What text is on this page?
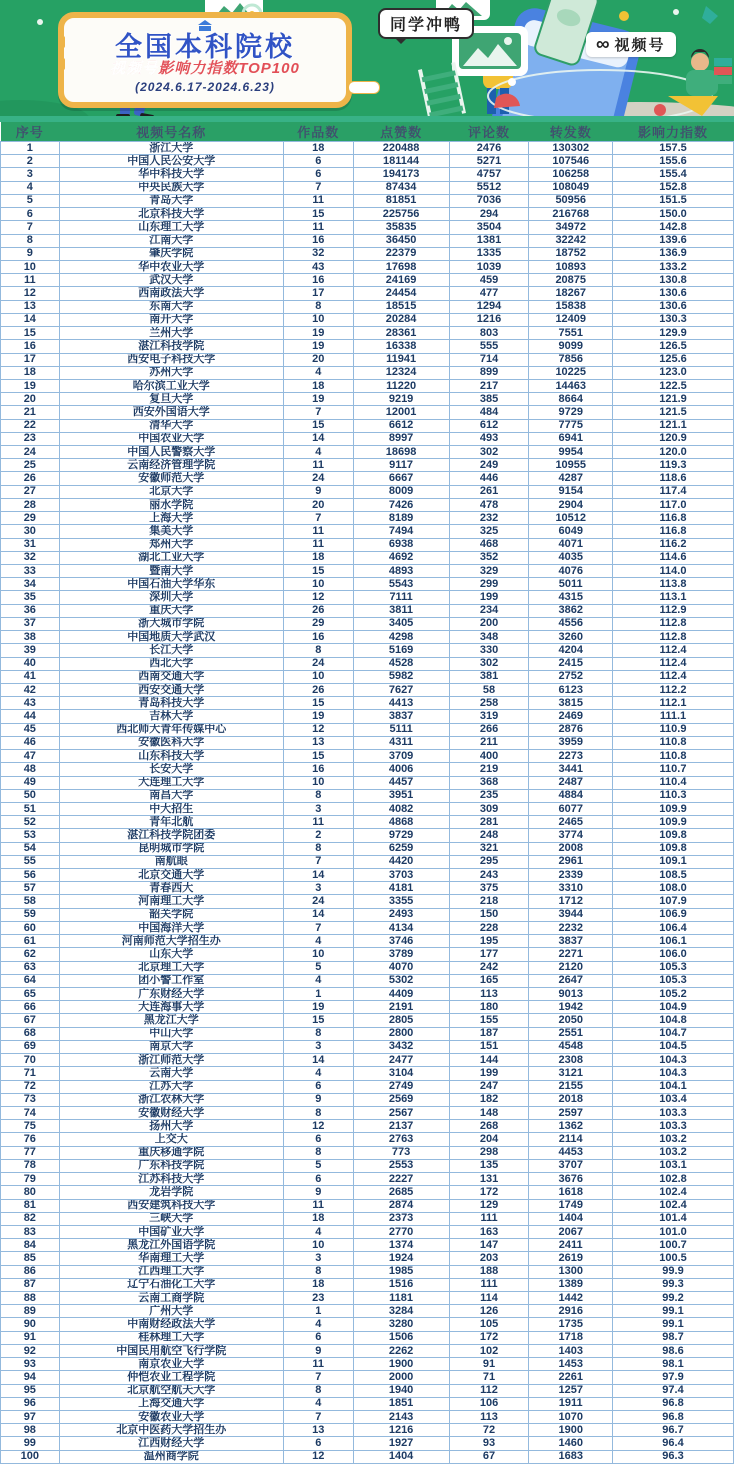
全国本科院校
视频号影响力指数TOP100
(2024.6.17-2024.6.23)
同学冲鸭
∞ 视频号
序号	视频号名称	作品数	点赞数	评论数	转发数	影响力指数
1	浙江大学	18	220488	2476	130302	157.5
2	中国人民公安大学	6	181144	5271	107546	155.6
3	华中科技大学	6	194173	4757	106258	155.4
4	中央民族大学	7	87434	5512	108049	152.8
5	青岛大学	11	81851	7036	50956	151.5
6	北京科技大学	15	225756	294	216768	150.0
7	山东理工大学	11	35835	3504	34972	142.8
8	江南大学	16	36450	1381	32242	139.6
9	肇庆学院	32	22379	1335	18752	136.9
10	华中农业大学	43	17698	1039	10893	133.2
11	武汉大学	16	24169	459	20875	130.8
12	西南政法大学	17	24454	477	18267	130.6
13	东南大学	8	18515	1294	15838	130.6
14	南开大学	10	20284	1216	12409	130.3
15	兰州大学	19	28361	803	7551	129.9
16	湛江科技学院	19	16338	555	9099	126.5
17	西安电子科技大学	20	11941	714	7856	125.6
18	苏州大学	4	12324	899	10225	123.0
19	哈尔滨工业大学	18	11220	217	14463	122.5
20	复旦大学	19	9219	385	8664	121.9
21	西安外国语大学	7	12001	484	9729	121.5
22	清华大学	15	6612	612	7775	121.1
23	中国农业大学	14	8997	493	6941	120.9
24	中国人民警察大学	4	18698	302	9954	120.0
25	云南经济管理学院	11	9117	249	10955	119.3
26	安徽师范大学	24	6667	446	4287	118.6
27	北京大学	9	8009	261	9154	117.4
28	丽水学院	20	7426	478	2904	117.0
29	上海大学	7	8189	232	10512	116.8
30	集美大学	11	7494	325	6049	116.8
31	郑州大学	11	6938	468	4071	116.2
32	湖北工业大学	18	4692	352	4035	114.6
33	暨南大学	15	4893	329	4076	114.0
34	中国石油大学华东	10	5543	299	5011	113.8
35	深圳大学	12	7111	199	4315	113.1
36	重庆大学	26	3811	234	3862	112.9
37	浙大城市学院	29	3405	200	4556	112.8
38	中国地质大学武汉	16	4298	348	3260	112.8
39	长江大学	8	5169	330	4204	112.4
40	西北大学	24	4528	302	2415	112.4
41	西南交通大学	10	5982	381	2752	112.4
42	西安交通大学	26	7627	58	6123	112.2
43	青岛科技大学	15	4413	258	3815	112.1
44	吉林大学	19	3837	319	2469	111.1
45	西北师大青年传媒中心	12	5111	266	2876	110.9
46	安徽医科大学	13	4311	211	3959	110.8
47	山东科技大学	15	3709	400	2273	110.8
48	长安大学	16	4006	219	3441	110.7
49	大连理工大学	10	4457	368	2487	110.4
50	南昌大学	8	3951	235	4884	110.3
51	中大招生	3	4082	309	6077	109.9
52	青年北航	11	4868	281	2465	109.9
53	湛江科技学院团委	2	9729	248	3774	109.8
54	昆明城市学院	8	6259	321	2008	109.8
55	南航眼	7	4420	295	2961	109.1
56	北京交通大学	14	3703	243	2339	108.5
57	青春西大	3	4181	375	3310	108.0
58	河南理工大学	24	3355	218	1712	107.9
59	韶关学院	14	2493	150	3944	106.9
60	中国海洋大学	7	4134	228	2232	106.4
61	河南师范大学招生办	4	3746	195	3837	106.1
62	山东大学	10	3789	177	2271	106.0
63	北京理工大学	5	4070	242	2120	105.3
64	团小警工作室	4	5302	165	2647	105.3
65	广东财经大学	1	4409	113	9013	105.2
66	大连海事大学	19	2191	180	1942	104.9
67	黑龙江大学	15	2805	155	2050	104.8
68	中山大学	8	2800	187	2551	104.7
69	南京大学	3	3432	151	4548	104.5
70	浙江师范大学	14	2477	144	2308	104.3
71	云南大学	4	3104	199	3121	104.3
72	江苏大学	6	2749	247	2155	104.1
73	浙江农林大学	9	2569	182	2018	103.4
74	安徽财经大学	8	2567	148	2597	103.3
75	扬州大学	12	2137	268	1362	103.3
76	上交大	6	2763	204	2114	103.2
77	重庆移通学院	8	773	298	4453	103.2
78	广东科技学院	5	2553	135	3707	103.1
79	江苏科技大学	6	2227	131	3676	102.8
80	龙岩学院	9	2685	172	1618	102.4
81	西安建筑科技大学	11	2874	129	1749	102.4
82	三峡大学	18	2373	111	1404	101.4
83	中国矿业大学	4	2770	163	2067	101.0
84	黑龙江外国语学院	10	1374	147	2411	100.7
85	华南理工大学	3	1924	203	2619	100.5
86	江西理工大学	8	1985	188	1300	99.9
87	辽宁石油化工大学	18	1516	111	1389	99.3
88	云南工商学院	23	1181	114	1442	99.2
89	广州大学	1	3284	126	2916	99.1
90	中南财经政法大学	4	3280	105	1735	99.1
91	桂林理工大学	6	1506	172	1718	98.7
92	中国民用航空飞行学院	9	2262	102	1403	98.6
93	南京农业大学	11	1900	91	1453	98.1
94	仲恺农业工程学院	7	2000	71	2261	97.9
95	北京航空航天大学	8	1940	112	1257	97.4
96	上海交通大学	4	1851	106	1911	96.8
97	安徽农业大学	7	2143	113	1070	96.8
98	北京中医药大学招生办	13	1216	72	1900	96.7
99	江西财经大学	6	1927	93	1460	96.4
100	温州商学院	12	1404	67	1683	96.3
